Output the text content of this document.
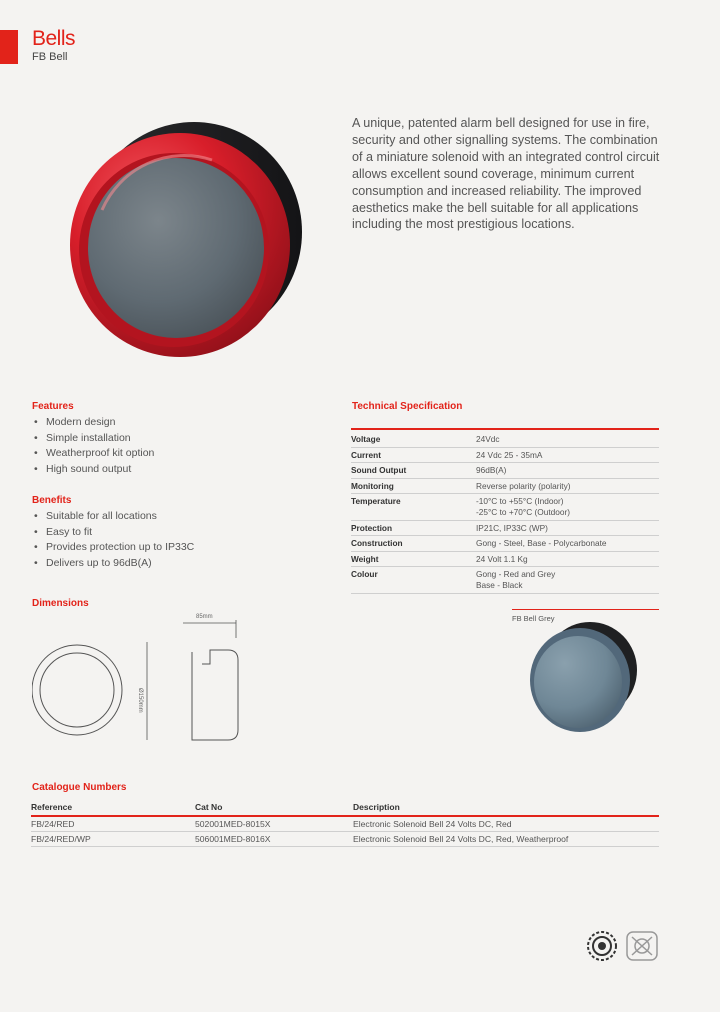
Bells
FB Bell
A unique, patented alarm bell designed for use in fire, security and other signalling systems. The combination of a miniature solenoid with an integrated control circuit allows excellent sound coverage, minimum current consumption and increased reliability. The improved aesthetics make the bell suitable for all applications including the most prestigious locations.
Features
• Modern design
• Simple installation
• Weatherproof kit option
• High sound output
Benefits
• Suitable for all locations
• Easy to fit
• Provides protection up to IP33C
• Delivers up to 96dB(A)
Technical Specification
Voltage	24Vdc
Current	24 Vdc 25 - 35mA
Sound Output	96dB(A)
Monitoring	Reverse polarity (polarity)
Temperature	-10°C to +55°C (Indoor)
-25°C to +70°C (Outdoor)

Protection	IP21C, IP33C (WP)
Construction	Gong - Steel, Base - Polycarbonate
Weight	24 Volt 1.1 Kg
Colour	Gong - Red and Grey
Base - Black
Dimensions
85mm
Ø150mm
FB Bell Grey
Catalogue Numbers
Reference	Cat No	Description
FB/24/RED	502001MED-8015X	Electronic Solenoid Bell 24 Volts DC, Red
FB/24/RED/WP	506001MED-8016X	Electronic Solenoid Bell 24 Volts DC, Red, Weatherproof
